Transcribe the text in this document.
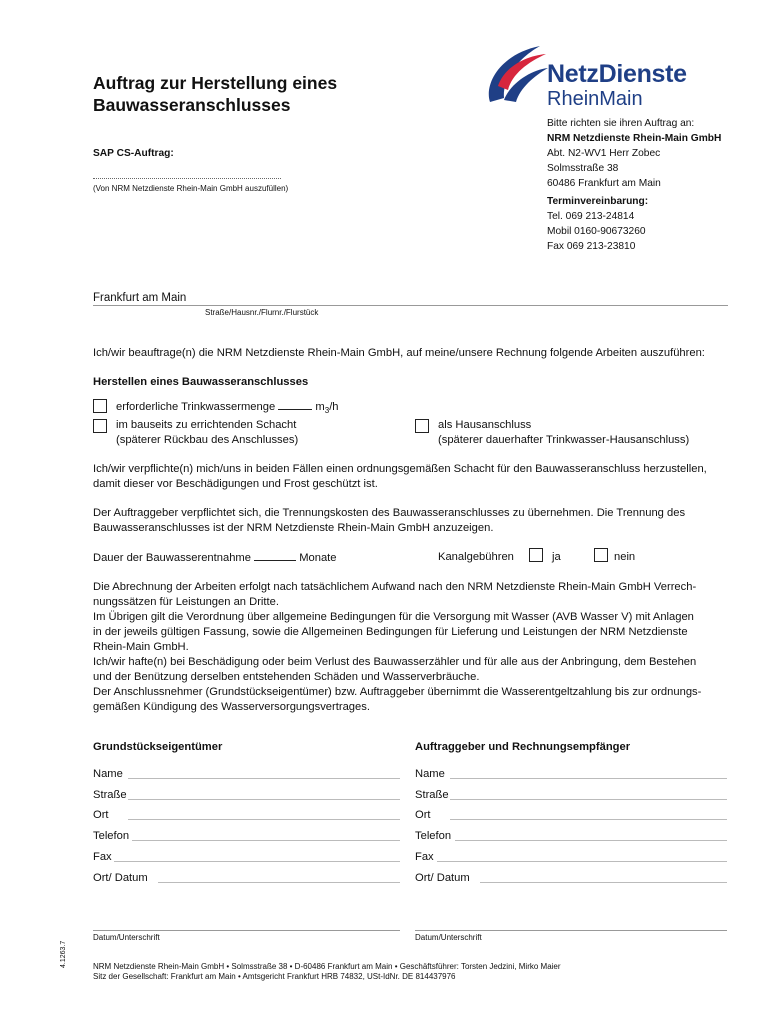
Auftrag zur Herstellung eines
Bauwasseranschlusses
NetzDienste
RheinMain
Bitte richten sie ihren Auftrag an:
NRM Netzdienste Rhein-Main GmbH
Abt. N2-WV1 Herr Zobec
Solmsstraße 38
60486 Frankfurt am Main
Terminvereinbarung:
Tel. 069 213-24814
Mobil 0160-90673260
Fax 069 213-23810
SAP CS-Auftrag:
(Von NRM Netzdienste Rhein-Main GmbH auszufüllen)
Frankfurt am Main
Straße/Hausnr./Flurnr./Flurstück
Ich/wir beauftrage(n) die NRM Netzdienste Rhein-Main GmbH, auf meine/unsere Rechnung folgende Arbeiten auszuführen:
Herstellen eines Bauwasseranschlusses
erforderliche Trinkwassermenge	$m_3/h$
im bauseits zu errichtenden Schacht
(späterer Rückbau des Anschlusses)
als Hausanschluss
(späterer dauerhafter Trinkwasser-Hausanschluss)
Ich/wir verpflichte(n) mich/uns in beiden Fällen einen ordnungsgemäßen Schacht für den Bauwasseranschluss herzustellen,
damit dieser vor Beschädigungen und Frost geschützt ist.
Der Auftraggeber verpflichtet sich, die Trennungskosten des Bauwasseranschlusses zu übernehmen. Die Trennung des
Bauwasseranschlusses ist der NRM Netzdienste Rhein-Main GmbH anzuzeigen.
Dauer der Bauwasserentnahme	Monate	Kanalgebühren	ja	nein
Die Abrechnung der Arbeiten erfolgt nach tatsächlichem Aufwand nach den NRM Netzdienste Rhein-Main GmbH Verrech-
nungssätzen für Leistungen an Dritte.
Im Übrigen gilt die Verordnung über allgemeine Bedingungen für die Versorgung mit Wasser (AVB Wasser V) mit Anlagen
in der jeweils gültigen Fassung, sowie die Allgemeinen Bedingungen für Lieferung und Leistungen der NRM Netzdienste
Rhein-Main GmbH.
Ich/wir hafte(n) bei Beschädigung oder beim Verlust des Bauwasserzähler und für alle aus der Anbringung, dem Bestehen
und der Benützung derselben entstehenden Schäden und Wasserverbräuche.
Der Anschlussnehmer (Grundstückseigentümer) bzw. Auftraggeber übernimmt die Wasserentgeltzahlung bis zur ordnungs-
gemäßen Kündigung des Wasserversorgungsvertrages.
Grundstückseigentümer
Name
Straße
Ort
Telefon
Fax
Ort/ Datum
Datum/Unterschrift
Auftraggeber und Rechnungsempfänger
Name
Straße
Ort
Telefon
Fax
Ort/ Datum
Datum/Unterschrift
4.1263.7	NRM Netzdienste Rhein-Main GmbH • Solmsstraße 38 • D-60486 Frankfurt am Main • Geschäftsführer: Torsten Jedzini, Mirko Maier
Sitz der Gesellschaft: Frankfurt am Main • Amtsgericht Frankfurt HRB 74832, USt-IdNr. DE 814437976
